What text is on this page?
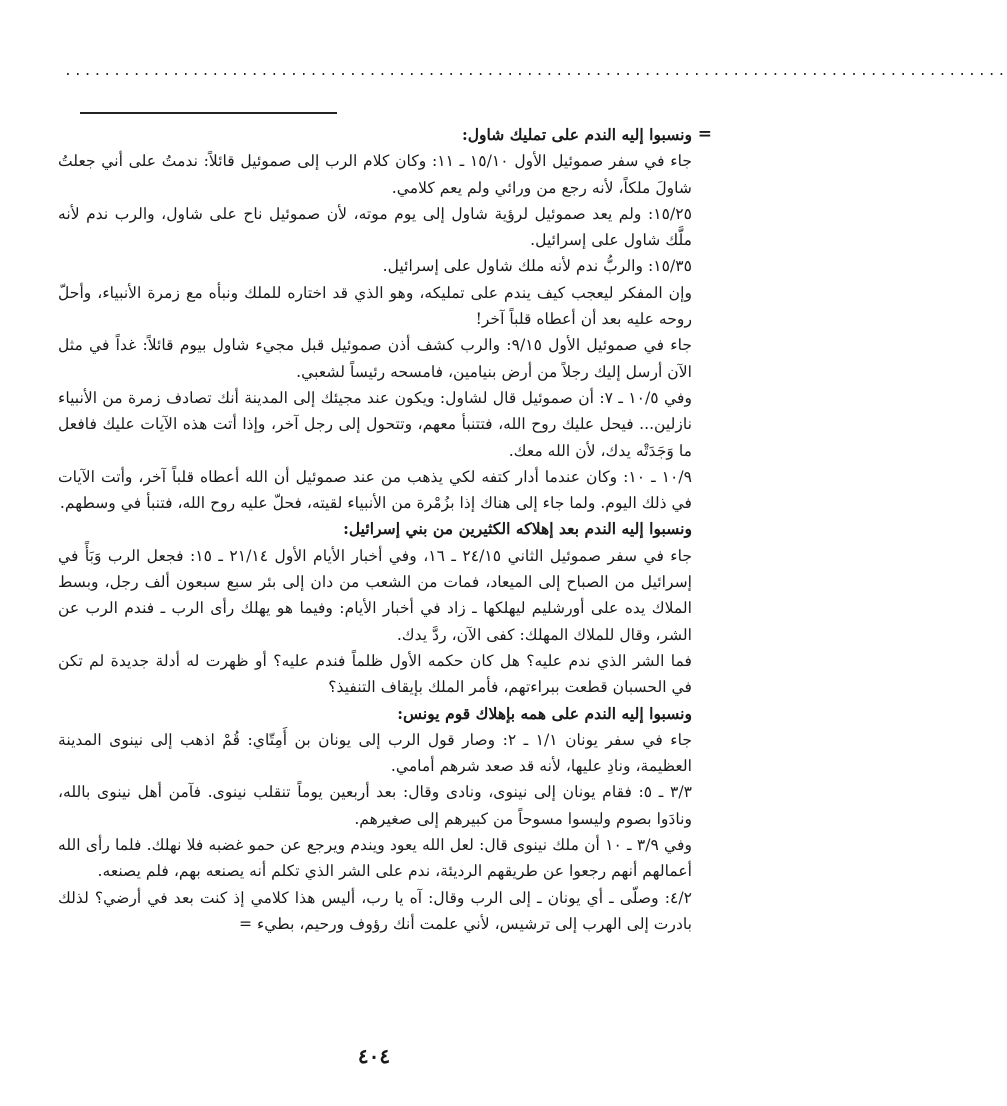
................................................................................................
=

ونسبوا إليه الندم على تمليك شاول:

جاء في سفر صموئيل الأول ١٥/١٠ ـ ١١: وكان كلام الرب إلى صموئيل قائلاً: ندمتُ على أني جعلتُ شاولَ ملكاً، لأنه رجع من ورائي ولم يعم كلامي.

١٥/٢٥: ولم يعد صموئيل لرؤية شاول إلى يوم موته، لأن صموئيل ناح على شاول، والرب ندم لأنه ملَّك شاول على إسرائيل.

١٥/٣٥: والربُّ ندم لأنه ملك شاول على إسرائيل.

وإن المفكر ليعجب كيف يندم على تمليكه، وهو الذي قد اختاره للملك ونبأه مع زمرة الأنبياء، وأحلّ روحه عليه بعد أن أعطاه قلباً آخر!

جاء في صموئيل الأول ٩/١٥: والرب كشف أذن صموئيل قبل مجيء شاول بيوم قائلاً: غداً في مثل الآن أرسل إليك رجلاً من أرض بنيامين، فامسحه رئيساً لشعبي.

وفي ١٠/٥ ـ ٧: أن صموئيل قال لشاول: ويكون عند مجيئك إلى المدينة أنك تصادف زمرة من الأنبياء نازلين... فيحل عليك روح الله، فتتنبأ معهم، وتتحول إلى رجل آخر، وإذا أتت هذه الآيات عليك فافعل ما وَجَدَتْه يدك، لأن الله معك.

١٠/٩ ـ ١٠: وكان عندما أدار كتفه لكي يذهب من عند صموئيل أن الله أعطاه قلباً آخر، وأتت الآيات في ذلك اليوم. ولما جاء إلى هناك إذا بزُمْرة من الأنبياء لقيته، فحلّ عليه روح الله، فتنبأ في وسطهم.

ونسبوا إليه الندم بعد إهلاكه الكثيرين من بني إسرائيل:

جاء في سفر صموئيل الثاني ٢٤/١٥ ـ ١٦، وفي أخبار الأيام الأول ٢١/١٤ ـ ١٥: فجعل الرب وَبَأً في إسرائيل من الصباح إلى الميعاد، فمات من الشعب من دان إلى بئر سبع سبعون ألف رجل، وبسط الملاك يده على أورشليم ليهلكها ـ زاد في أخبار الأيام: وفيما هو يهلك رأى الرب ـ فندم الرب عن الشر، وقال للملاك المهلك: كفى الآن، ردَّ يدك.

فما الشر الذي ندم عليه؟ هل كان حكمه الأول ظلماً فندم عليه؟ أو ظهرت له أدلة جديدة لم تكن في الحسبان قطعت ببراءتهم، فأمر الملك بإيقاف التنفيذ؟

ونسبوا إليه الندم على همه بإهلاك قوم يونس:

جاء في سفر يونان ١/١ ـ ٢: وصار قول الرب إلى يونان بن أَمِتّاي: قُمْ اذهب إلى نينوى المدينة العظيمة، ونادِ عليها، لأنه قد صعد شرهم أمامي.

٣/٣ ـ ٥: فقام يونان إلى نينوى، ونادى وقال: بعد أربعين يوماً تنقلب نينوى. فآمن أهل نينوى بالله، ونادَوا بصوم وليسوا مسوحاً من كبيرهم إلى صغيرهم.

وفي ٣/٩ ـ ١٠ أن ملك نينوى قال: لعل الله يعود ويندم ويرجع عن حمو غضبه فلا نهلك. فلما رأى الله أعمالهم أنهم رجعوا عن طريقهم الرديئة، ندم على الشر الذي تكلم أنه يصنعه بهم، فلم يصنعه.

٤/٢: وصلّى ـ أي يونان ـ إلى الرب وقال: آه يا رب، أليس هذا كلامي إذ كنت بعد في أرضي؟ لذلك بادرت إلى الهرب إلى ترشيس، لأني علمت أنك رؤوف ورحيم، بطيء =

٤٠٤
